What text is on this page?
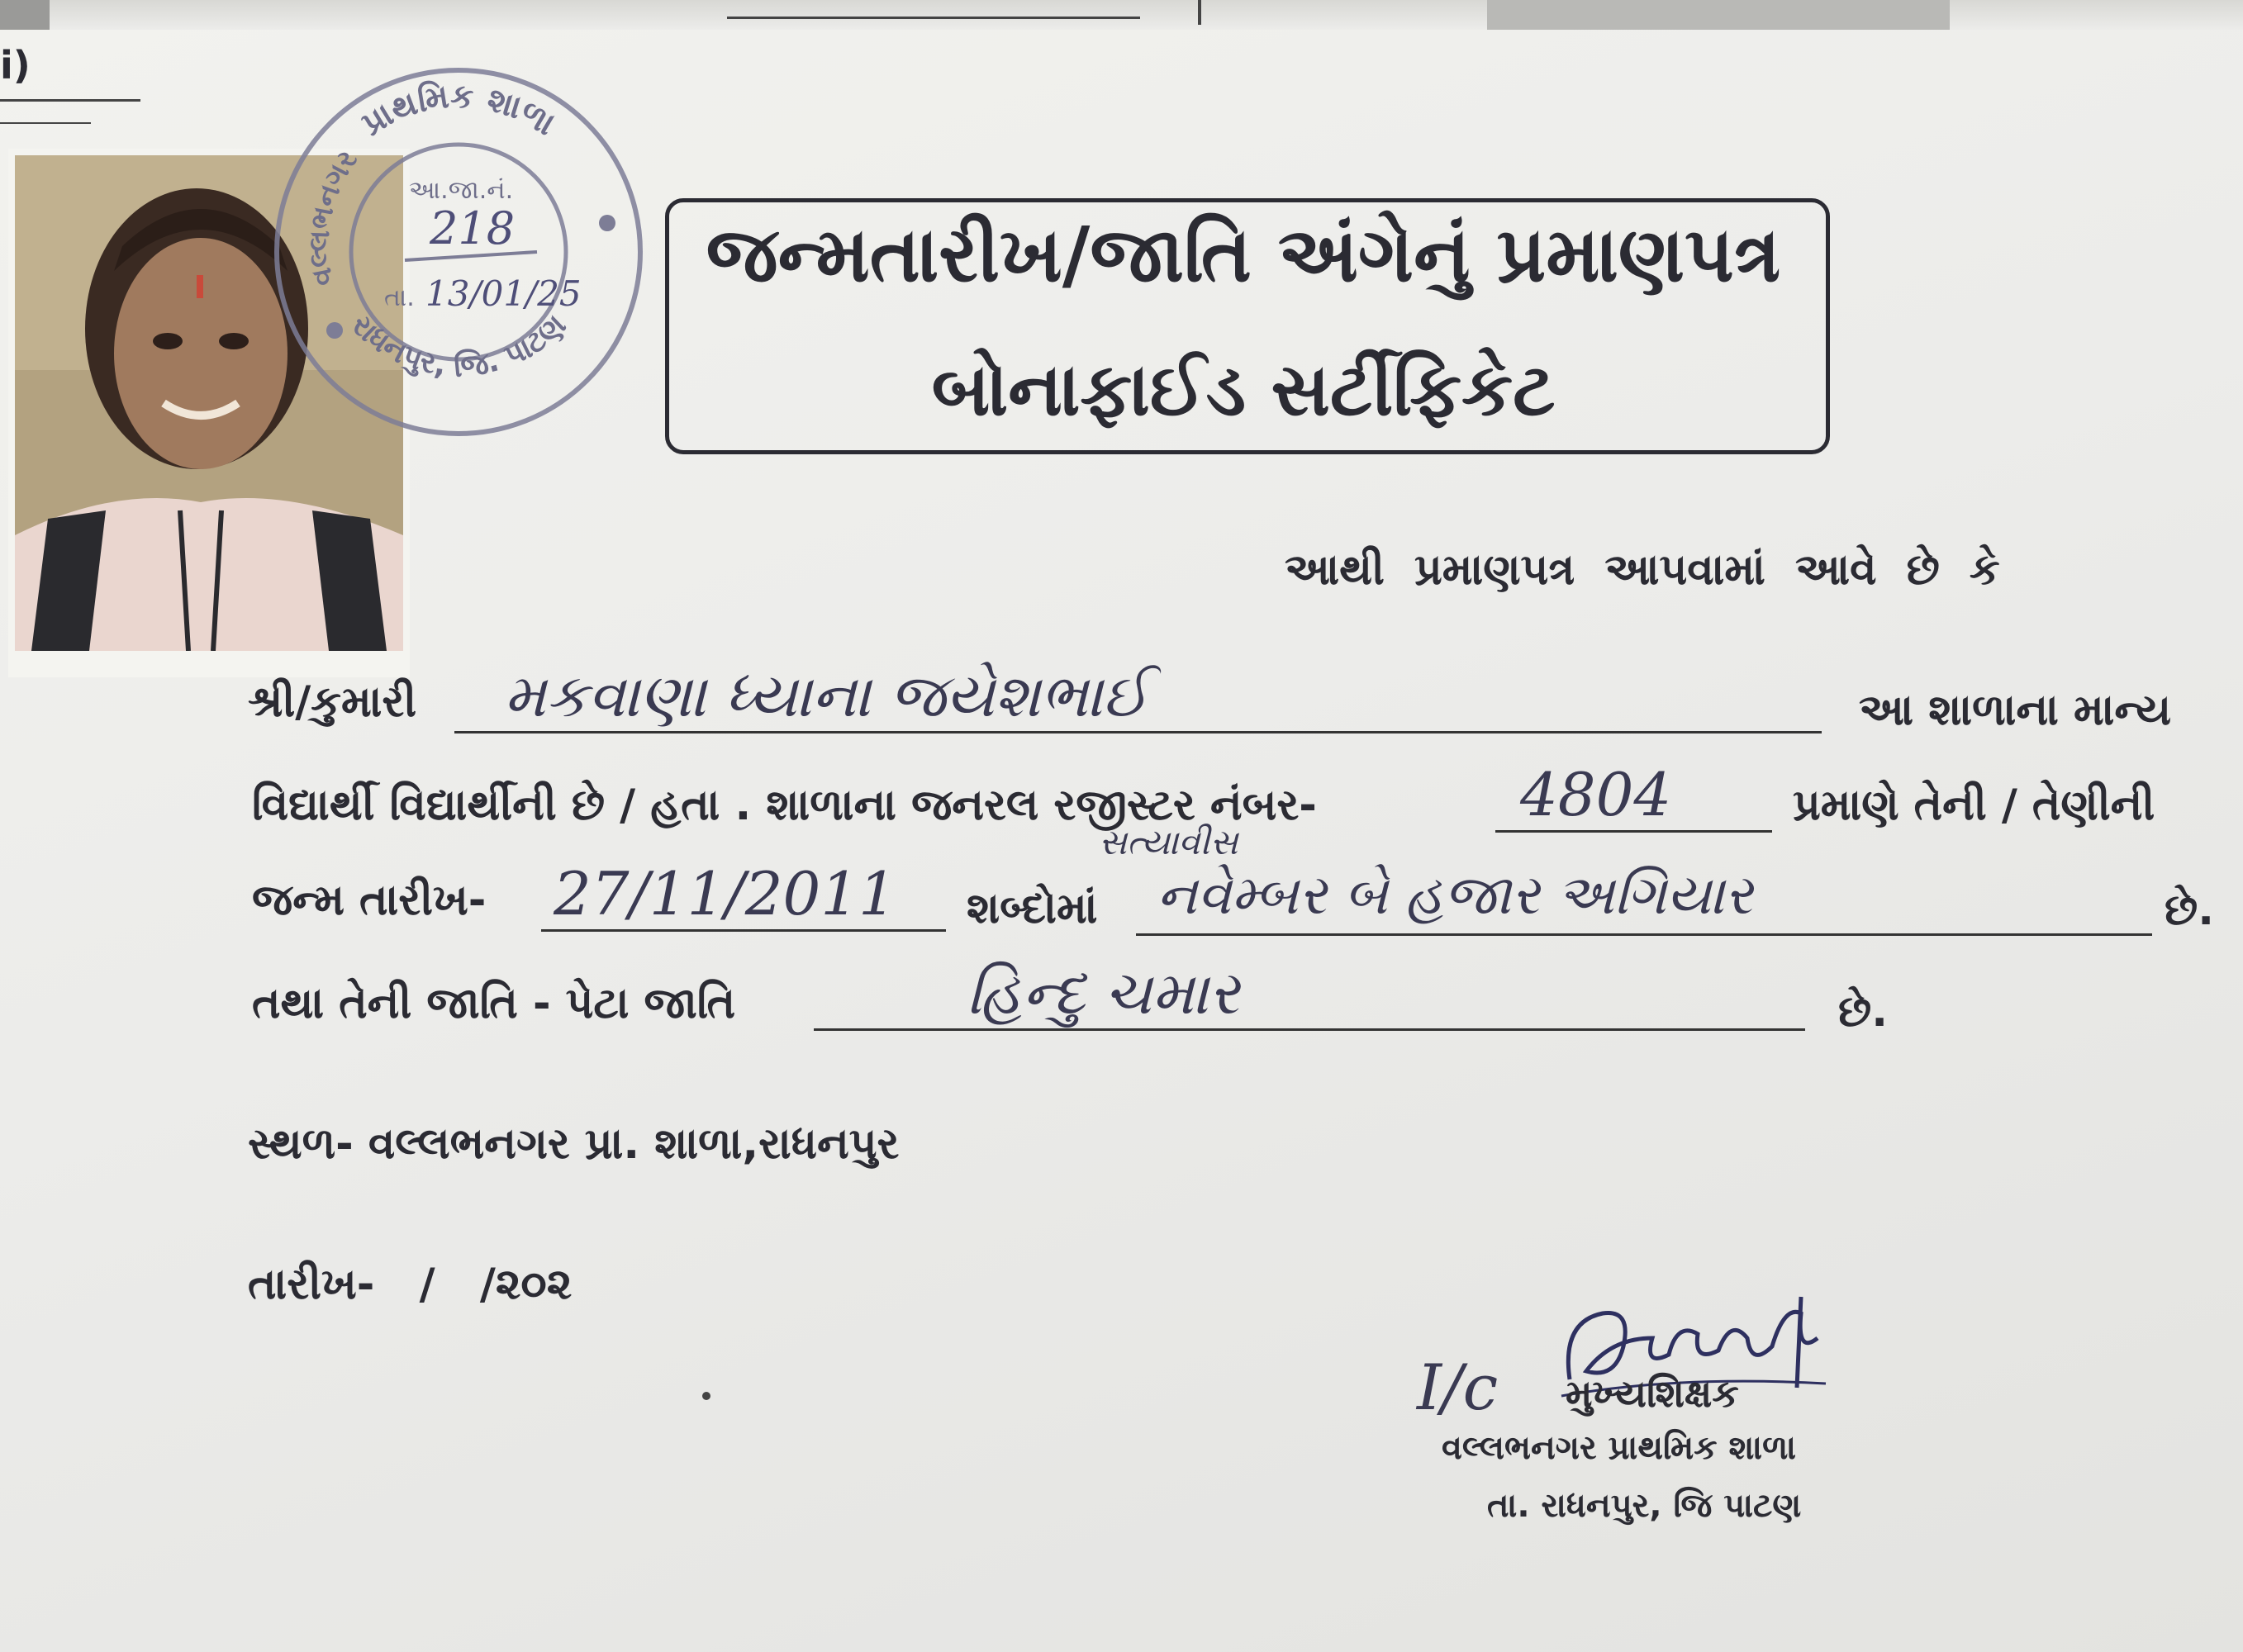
i)
પ્રાથમિક શાળા
રાધનપુર, જિ. પાટણ
વલ્લભનગર
આ.જા.નં.
218
તા. 13/01/25 જન્મતારીખ/જાતિ અંગેનું પ્રમાણપત્ર
બોનાફાઈડ સર્ટીફિકેટ
આથી પ્રમાણપત્ર આપવામાં આવે છે કે
શ્રી/કુમારી મકવાણા ધ્યાના જયેશભાઈ	આ શાળાના માન્ય
વિદ્યાર્થી વિદ્યાર્થીની છે / હતા . શાળાના જનરલ રજીસ્ટર નંબર-	4804	પ્રમાણે તેની / તેણીની
જન્મ તારીખ- 27/11/2011 શબ્દોમાં
સત્યાવીસ
નવેમ્બર બે હજાર અગિયાર	છે.
તથા તેની જાતિ - પેટા જાતિ	હિન્દુ ચમાર	છે.
સ્થળ- વલ્લભનગર પ્રા. શાળા,રાધનપુર
તારીખ-   /   /૨૦૨
I/c મુખ્યશિક્ષક
વલ્લભનગર પ્રાથમિક શાળા
તા. રાધનપુર, જિ પાટણ
